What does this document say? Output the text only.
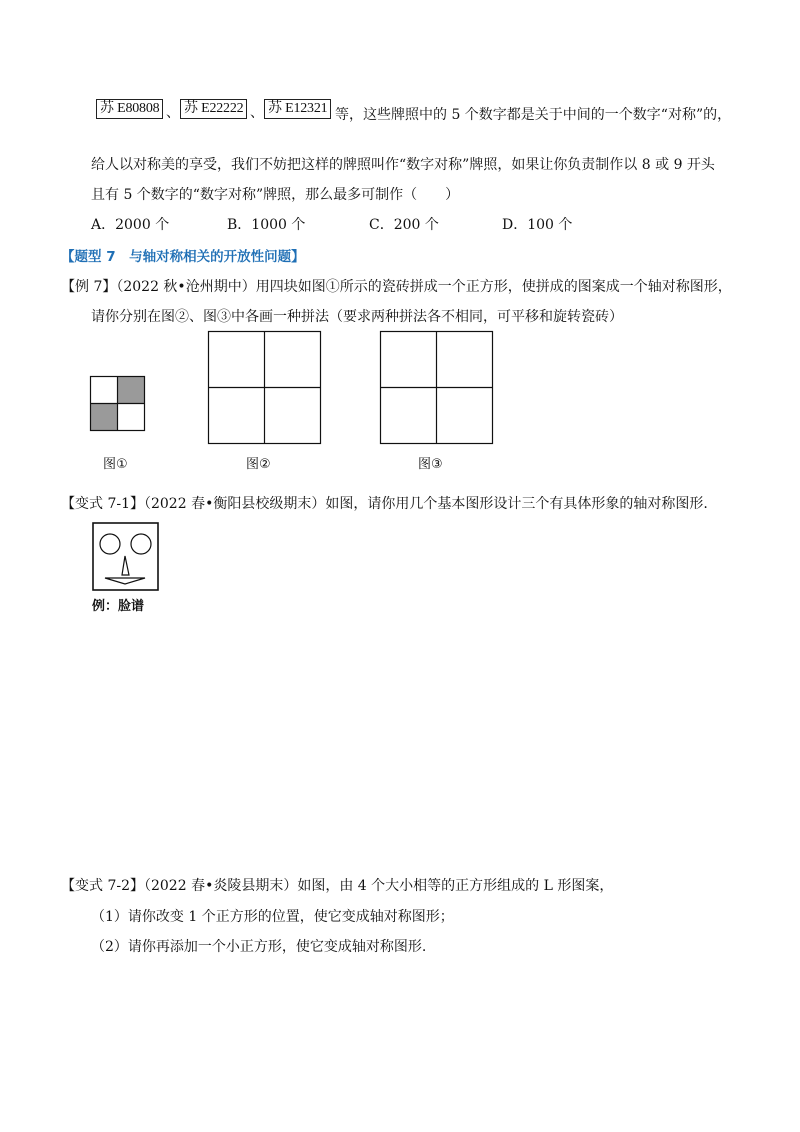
苏 E80808 、 苏 E22222 、 苏 E12321 等，这些牌照中的 5 个数字都是关于中间的一个数字“对称”的，
给人以对称美的享受，我们不妨把这样的牌照叫作“数字对称”牌照，如果让你负责制作以 8 或 9 开头
且有 5 个数字的“数字对称”牌照，那么最多可制作（　　）
A．2000 个	B．1000 个	C．200 个	D．100 个
【题型 7　与轴对称相关的开放性问题】
【例 7】（2022 秋•沧州期中）用四块如图①所示的瓷砖拼成一个正方形，使拼成的图案成一个轴对称图形，
请你分别在图②、图③中各画一种拼法（要求两种拼法各不相同，可平移和旋转瓷砖）
图①	图②	图③
【变式 7-1】（2022 春•衡阳县校级期末）如图，请你用几个基本图形设计三个有具体形象的轴对称图形.
例：脸谱
【变式 7-2】（2022 春•炎陵县期末）如图，由 4 个大小相等的正方形组成的 L 形图案，
（1）请你改变 1 个正方形的位置，使它变成轴对称图形；
（2）请你再添加一个小正方形，使它变成轴对称图形.
